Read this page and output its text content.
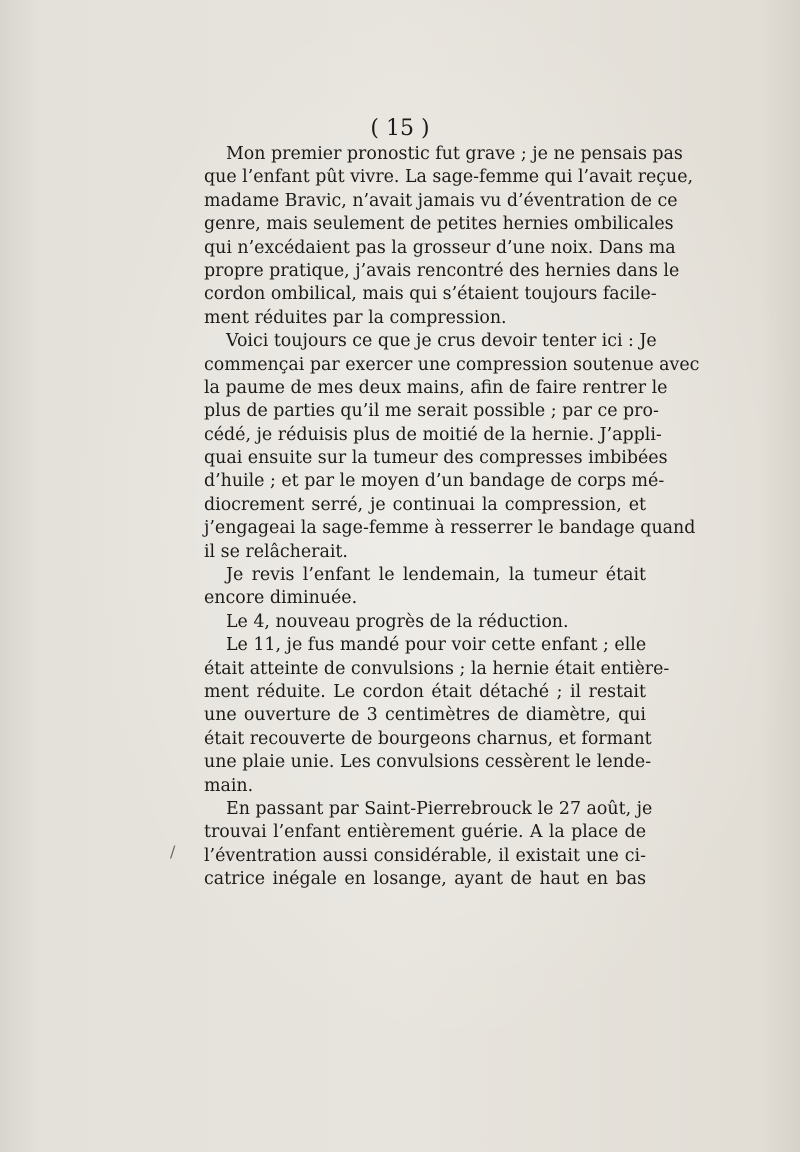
( 15 )
Mon premier pronostic fut grave ; je ne pensais pas
que l’enfant pût vivre. La sage-femme qui l’avait reçue,
madame Bravic, n’avait jamais vu d’éventration de ce
genre, mais seulement de petites hernies ombilicales
qui n’excédaient pas la grosseur d’une noix. Dans ma
propre pratique, j’avais rencontré des hernies dans le
cordon ombilical, mais qui s’étaient toujours facile-
ment réduites par la compression.
Voici toujours ce que je crus devoir tenter ici : Je
commençai par exercer une compression soutenue avec
la paume de mes deux mains, afin de faire rentrer le
plus de parties qu’il me serait possible ; par ce pro-
cédé, je réduisis plus de moitié de la hernie. J’appli-
quai ensuite sur la tumeur des compresses imbibées
d’huile ; et par le moyen d’un bandage de corps mé-
diocrement serré, je continuai la compression, et
j’engageai la sage-femme à resserrer le bandage quand
il se relâcherait.
Je revis l’enfant le lendemain, la tumeur était
encore diminuée.
Le 4, nouveau progrès de la réduction.
Le 11, je fus mandé pour voir cette enfant ; elle
était atteinte de convulsions ; la hernie était entière-
ment réduite. Le cordon était détaché ; il restait
une ouverture de 3 centimètres de diamètre, qui
était recouverte de bourgeons charnus, et formant
une plaie unie. Les convulsions cessèrent le lende-
main.
En passant par Saint-Pierrebrouck le 27 août, je
trouvai l’enfant entièrement guérie. A la place de
l’éventration aussi considérable, il existait une ci-
catrice inégale en losange, ayant de haut en bas
/
